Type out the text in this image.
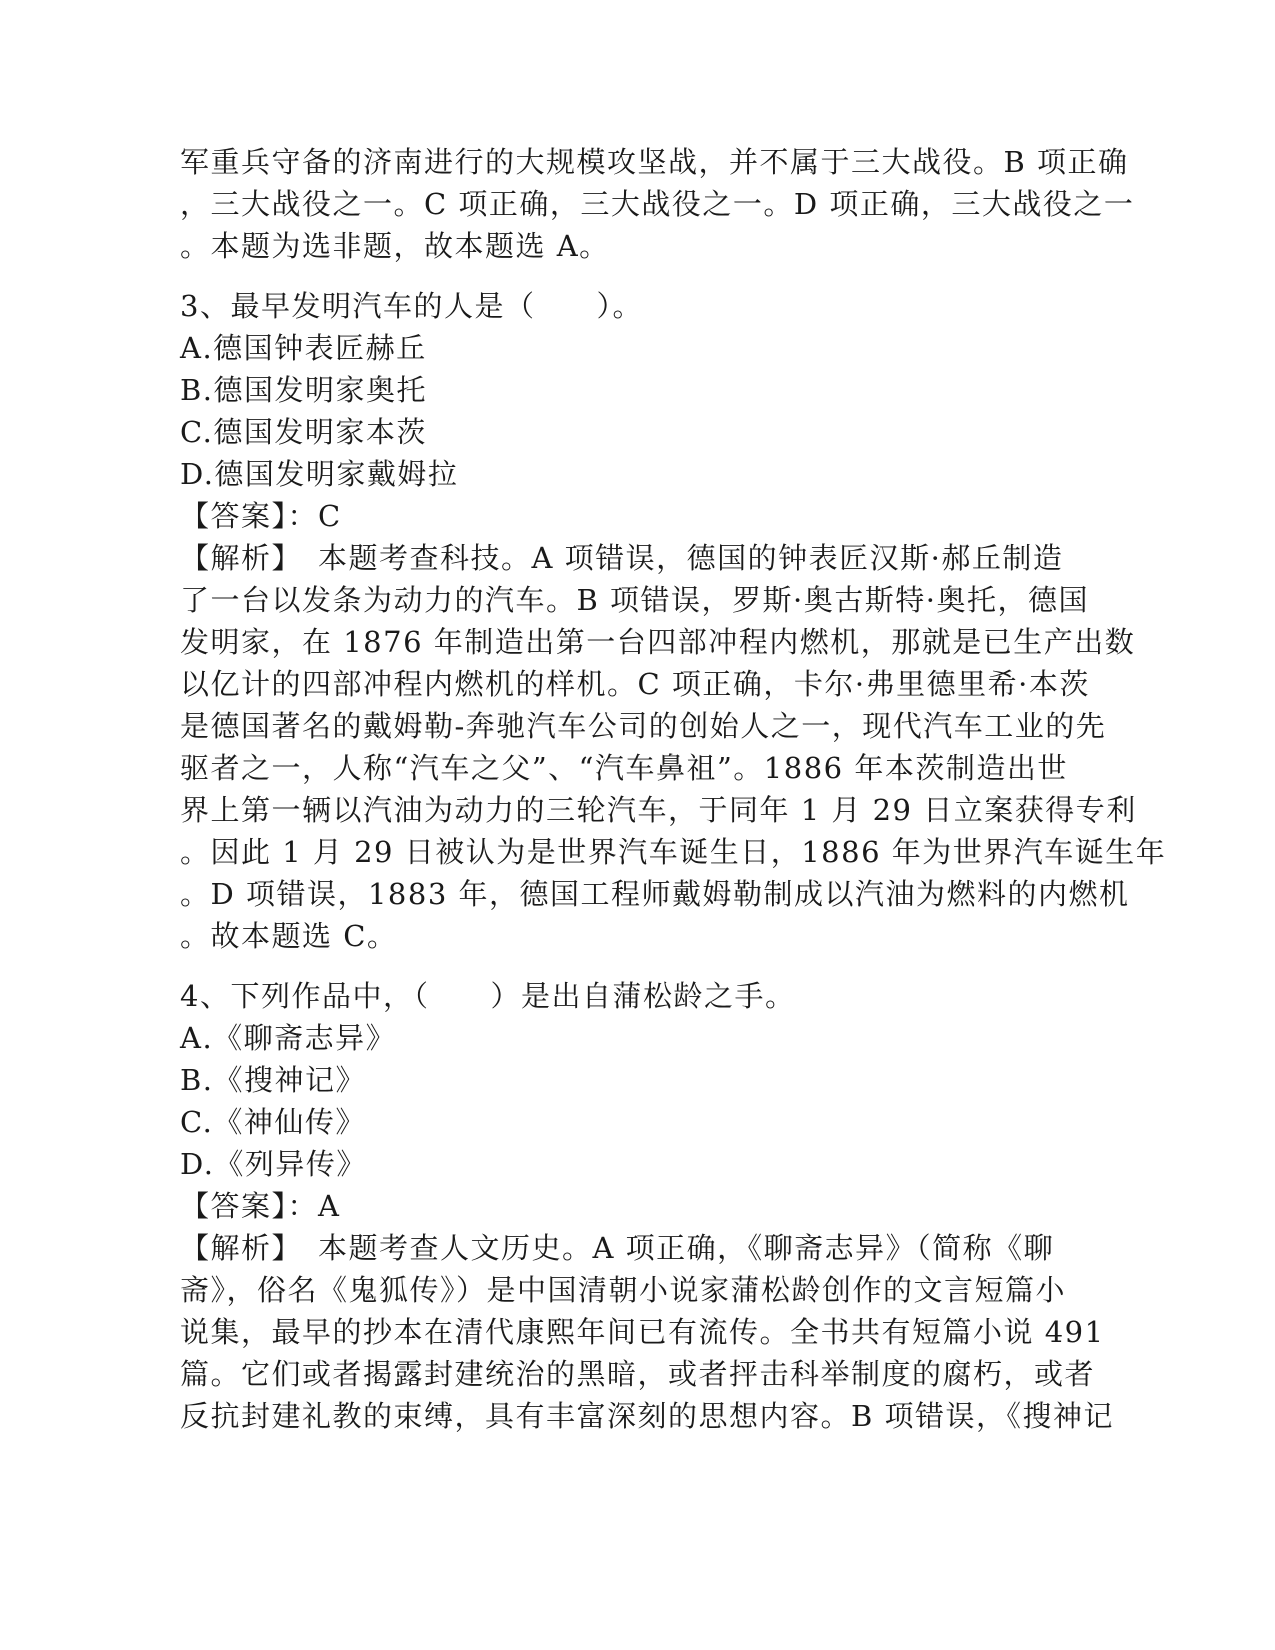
军重兵守备的济南进行的大规模攻坚战，并不属于三大战役。B 项正确
，三大战役之一。C 项正确，三大战役之一。D 项正确，三大战役之一
。本题为选非题，故本题选 A。
3、最早发明汽车的人是（　　）。
A.德国钟表匠赫丘
B.德国发明家奥托
C.德国发明家本茨
D.德国发明家戴姆拉
【答案】：C
【解析】　本题考查科技。A 项错误，德国的钟表匠汉斯·郝丘制造
了一台以发条为动力的汽车。B 项错误，罗斯·奥古斯特·奥托，德国
发明家，在 1876 年制造出第一台四部冲程内燃机，那就是已生产出数
以亿计的四部冲程内燃机的样机。C 项正确，卡尔·弗里德里希·本茨
是德国著名的戴姆勒-奔驰汽车公司的创始人之一，现代汽车工业的先
驱者之一，人称“汽车之父”、“汽车鼻祖”。1886 年本茨制造出世
界上第一辆以汽油为动力的三轮汽车，于同年 1 月 29 日立案获得专利
。因此 1 月 29 日被认为是世界汽车诞生日，1886 年为世界汽车诞生年
。D 项错误，1883 年，德国工程师戴姆勒制成以汽油为燃料的内燃机
。故本题选 C。
4、下列作品中，（　　）是出自蒲松龄之手。
A.《聊斋志异》
B.《搜神记》
C.《神仙传》
D.《列异传》
【答案】：A
【解析】　本题考查人文历史。A 项正确，《聊斋志异》（简称《聊
斋》，俗名《鬼狐传》）是中国清朝小说家蒲松龄创作的文言短篇小
说集，最早的抄本在清代康熙年间已有流传。全书共有短篇小说 491
篇。它们或者揭露封建统治的黑暗，或者抨击科举制度的腐朽，或者
反抗封建礼教的束缚，具有丰富深刻的思想内容。B 项错误，《搜神记
